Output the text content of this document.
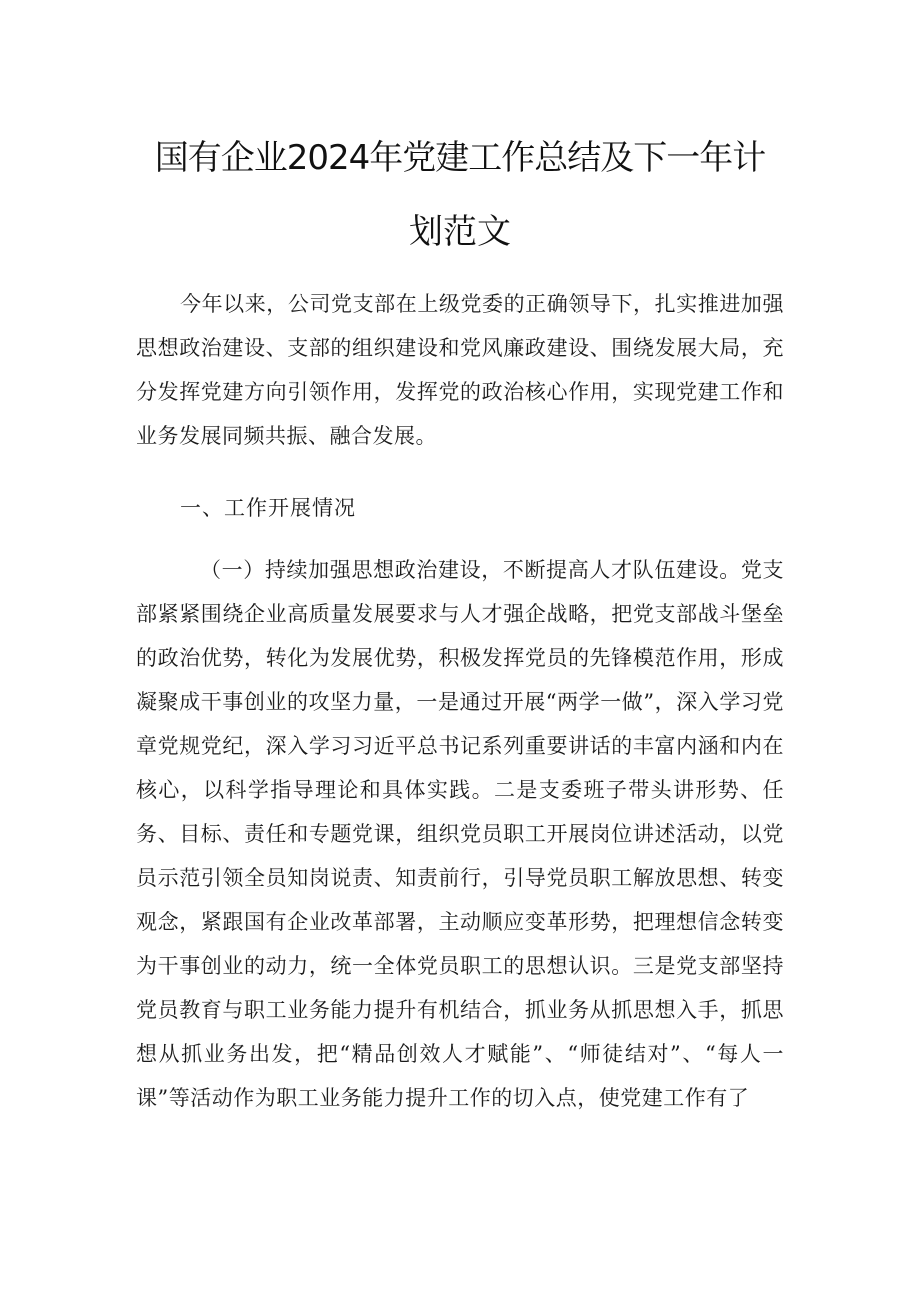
国有企业2024年党建工作总结及下一年计
划范文

今年以来，公司党支部在上级党委的正确领导下，扎实推进加强思想政治建设、支部的组织建设和党风廉政建设、围绕发展大局，充分发挥党建方向引领作用，发挥党的政治核心作用，实现党建工作和业务发展同频共振、融合发展。

一、工作开展情况

（一）持续加强思想政治建设，不断提高人才队伍建设。党支部紧紧围绕企业高质量发展要求与人才强企战略，把党支部战斗堡垒的政治优势，转化为发展优势，积极发挥党员的先锋模范作用，形成凝聚成干事创业的攻坚力量，一是通过开展“两学一做”，深入学习党章党规党纪，深入学习习近平总书记系列重要讲话的丰富内涵和内在核心，以科学指导理论和具体实践。二是支委班子带头讲形势、任务、目标、责任和专题党课，组织党员职工开展岗位讲述活动，以党员示范引领全员知岗说责、知责前行，引导党员职工解放思想、转变观念，紧跟国有企业改革部署，主动顺应变革形势，把理想信念转变为干事创业的动力，统一全体党员职工的思想认识。三是党支部坚持党员教育与职工业务能力提升有机结合，抓业务从抓思想入手，抓思想从抓业务出发，把“精品创效人才赋能”、“师徒结对”、“每人一课”等活动作为职工业务能力提升工作的切入点，使党建工作有了
